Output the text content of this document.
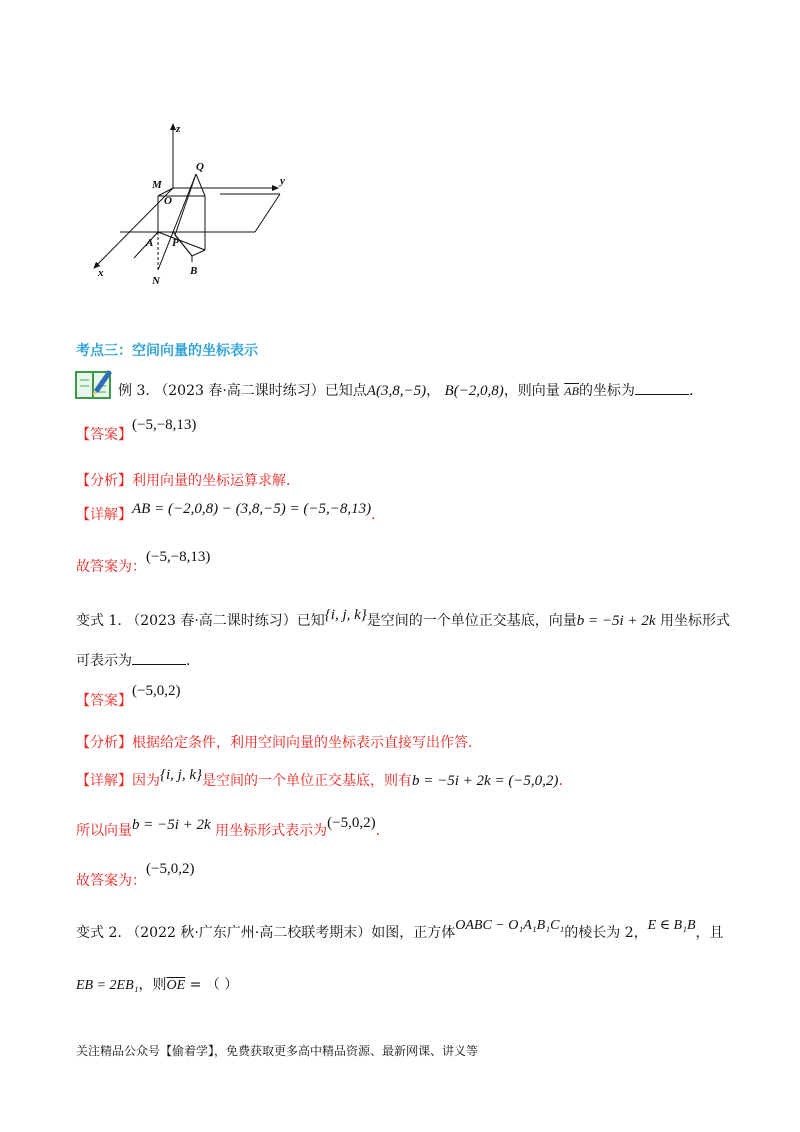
z
y
x
Q
M
O
A P
B
N
考点三：空间向量的坐标表示
例 3. （2023 春·高二课时练习）已知点A(3,8,−5)， B(−2,0,8)，则向量 $\overline{AB}$的坐标为	.
【答案】(−5,−8,13)
【分析】利用向量的坐标运算求解.
【详解】AB = (−2,0,8) − (3,8,−5) = (−5,−8,13).
故答案为：(−5,−8,13)
变式 1. （2023 春·高二课时练习）已知{i, j, k}是空间的一个单位正交基底，向量b = −5i + 2k 用坐标形式
可表示为	.
【答案】(−5,0,2)
【分析】根据给定条件，利用空间向量的坐标表示直接写出作答.
【详解】因为{i, j, k}是空间的一个单位正交基底，则有b = −5i + 2k = (−5,0,2).
所以向量b = −5i + 2k 用坐标形式表示为(−5,0,2).
故答案为：(−5,0,2)
变式 2. （2022 秋·广东广州·高二校联考期末）如图，正方体OABC − O₁A₁B₁C₁的棱长为 2，E ∈ B₁B，且
EB = 2EB₁，则$\overline{OE}$ = （ ）
关注精品公众号【偷着学】，免费获取更多高中精品资源、最新网课、讲义等
